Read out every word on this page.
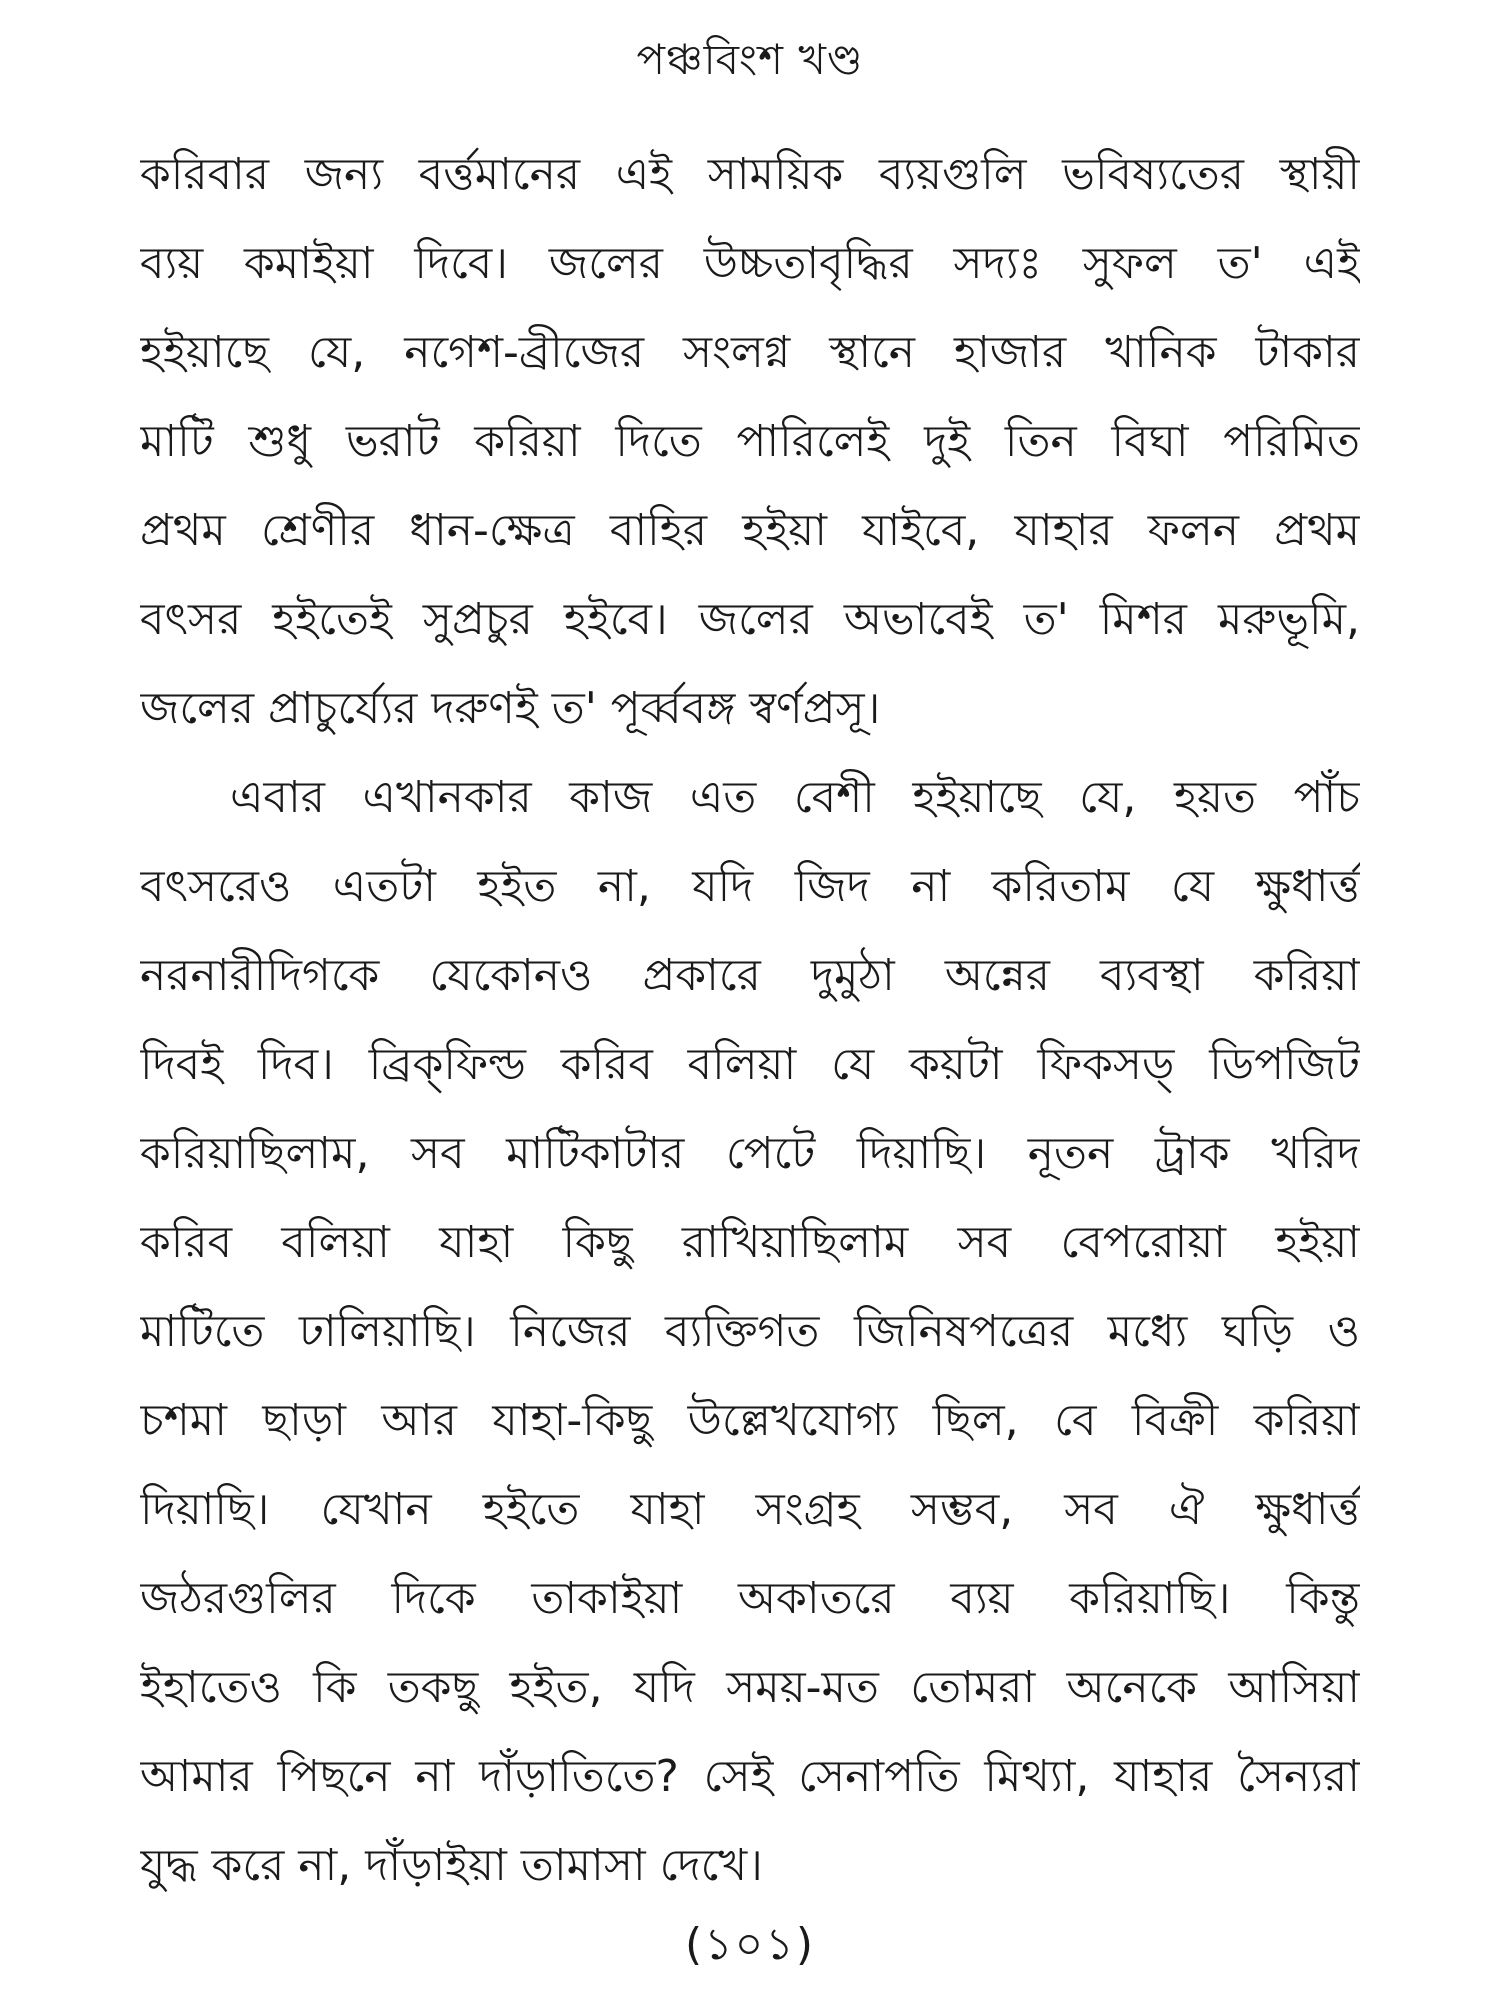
পঞ্চবিংশ খণ্ড
করিবার জন্য বর্ত্তমানের এই সাময়িক ব্যয়গুলি ভবিষ্যতের স্থায়ী
ব্যয় কমাইয়া দিবে। জলের উচ্চতাবৃদ্ধির সদ্যঃ সুফল ত' এই
হইয়াছে যে, নগেশ-ব্রীজের সংলগ্ন স্থানে হাজার খানিক টাকার
মাটি শুধু ভরাট করিয়া দিতে পারিলেই দুই তিন বিঘা পরিমিত
প্রথম শ্রেণীর ধান-ক্ষেত্র বাহির হইয়া যাইবে, যাহার ফলন প্রথম
বৎসর হইতেই সুপ্রচুর হইবে। জলের অভাবেই ত' মিশর মরুভূমি,
জলের প্রাচুর্য্যের দরুণই ত' পূর্ব্ববঙ্গ স্বর্ণপ্রসূ।
এবার এখানকার কাজ এত বেশী হইয়াছে যে, হয়ত পাঁচ
বৎসরেও এতটা হইত না, যদি জিদ না করিতাম যে ক্ষুধার্ত্ত
নরনারীদিগকে যেকোনও প্রকারে দুমুঠা অন্নের ব্যবস্থা করিয়া
দিবই দিব। ব্রিক্‌ফিল্ড করিব বলিয়া যে কয়টা ফিকসড্ ডিপজিট
করিয়াছিলাম, সব মাটিকাটার পেটে দিয়াছি। নূতন ট্রাক খরিদ
করিব বলিয়া যাহা কিছু রাখিয়াছিলাম সব বেপরোয়া হইয়া
মাটিতে ঢালিয়াছি। নিজের ব্যক্তিগত জিনিষপত্রের মধ্যে ঘড়ি ও
চশমা ছাড়া আর যাহা-কিছু উল্লেখযোগ্য ছিল, বে বিক্রী করিয়া
দিয়াছি। যেখান হইতে যাহা সংগ্রহ সম্ভব, সব ঐ ক্ষুধার্ত্ত
জঠরগুলির দিকে তাকাইয়া অকাতরে ব্যয় করিয়াছি। কিন্তু
ইহাতেও কি তকছু হইত, যদি সময়-মত তোমরা অনেকে আসিয়া
আমার পিছনে না দাঁড়াতিতে? সেই সেনাপতি মিথ্যা, যাহার সৈন্যরা
যুদ্ধ করে না, দাঁড়াইয়া তামাসা দেখে।
(১০১)
